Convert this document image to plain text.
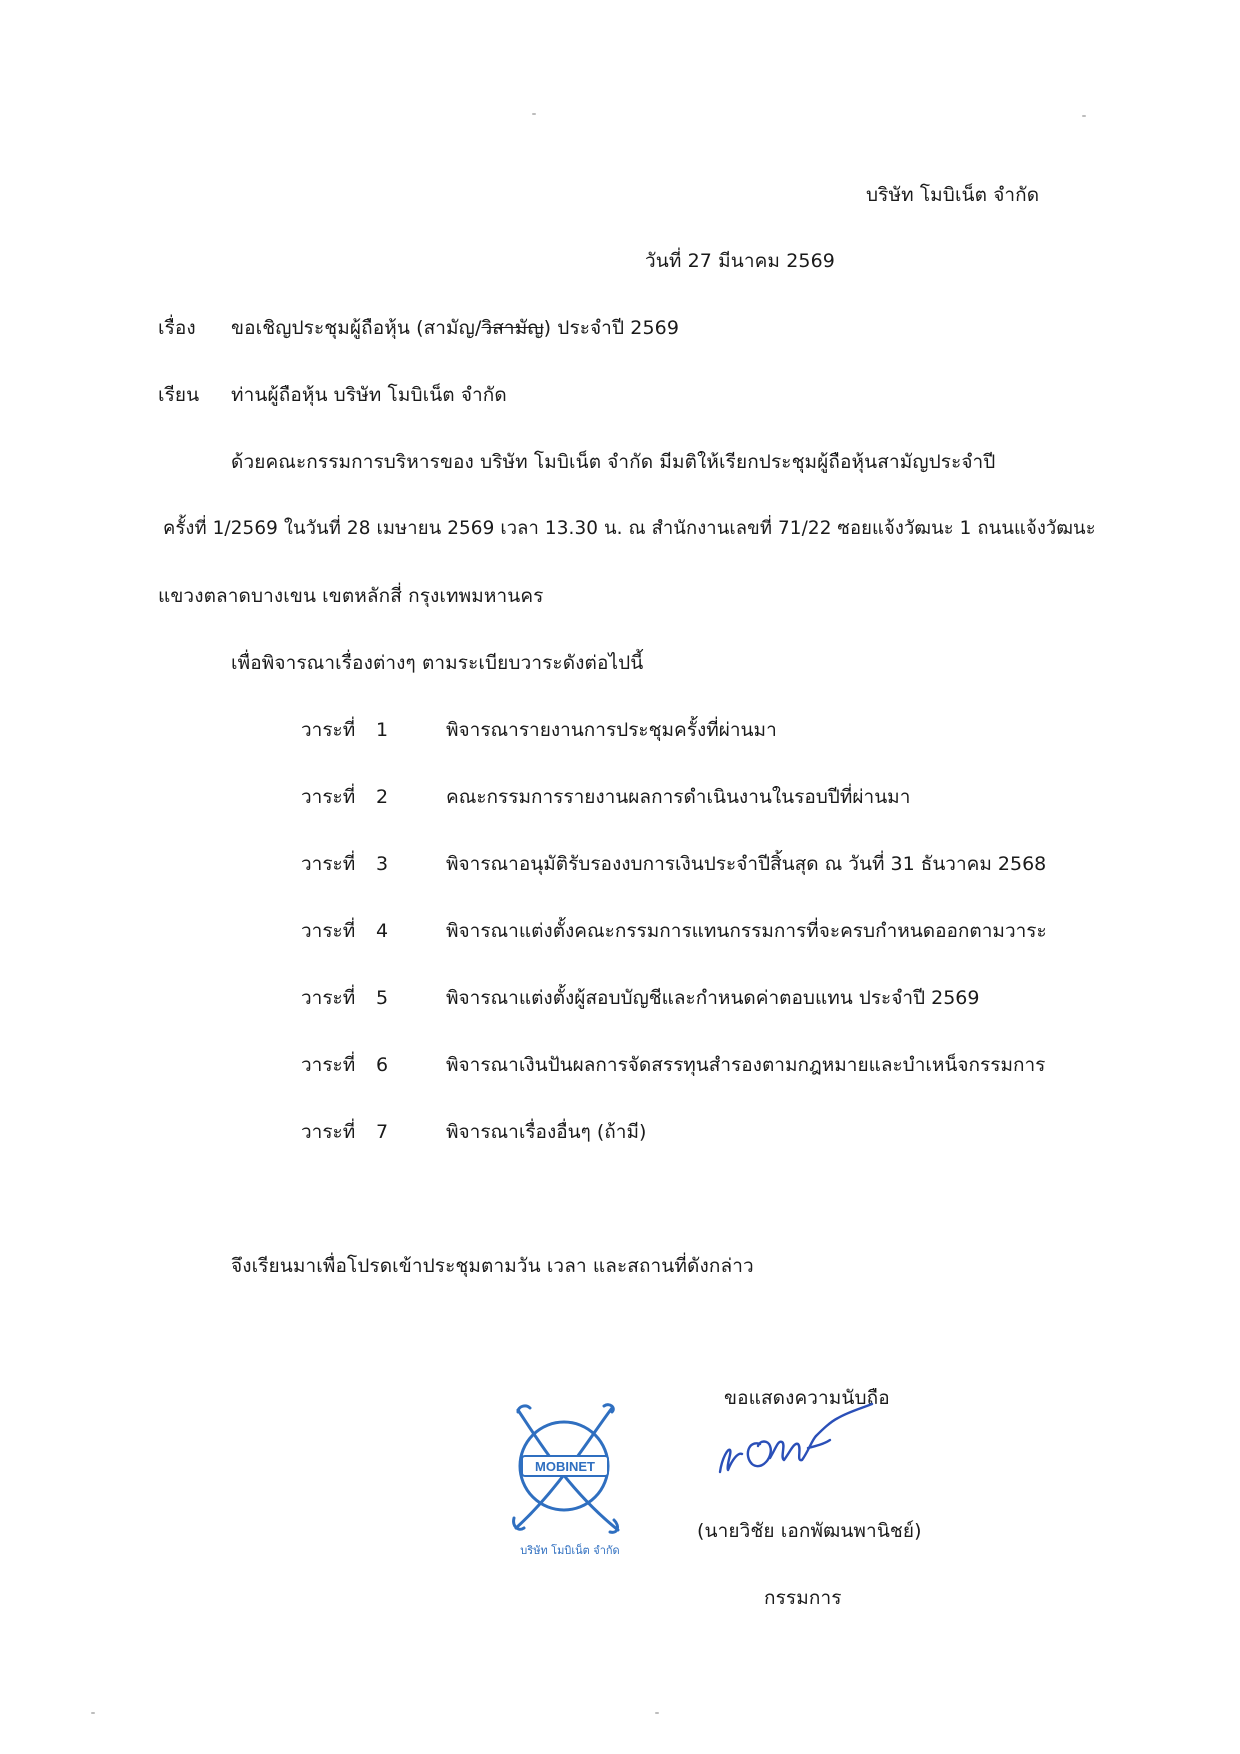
บริษัท โมบิเน็ต จำกัด
วันที่ 27 มีนาคม 2569
เรื่อง ขอเชิญประชุมผู้ถือหุ้น (สามัญ/วิสามัญ) ประจำปี 2569
เรียน ท่านผู้ถือหุ้น บริษัท โมบิเน็ต จำกัด
ด้วยคณะกรรมการบริหารของ บริษัท โมบิเน็ต จำกัด มีมติให้เรียกประชุมผู้ถือหุ้นสามัญประจำปี
ครั้งที่ 1/2569 ในวันที่ 28 เมษายน 2569 เวลา 13.30 น. ณ สำนักงานเลขที่ 71/22 ซอยแจ้งวัฒนะ 1 ถนนแจ้งวัฒนะ
แขวงตลาดบางเขน เขตหลักสี่ กรุงเทพมหานคร
เพื่อพิจารณาเรื่องต่างๆ ตามระเบียบวาระดังต่อไปนี้
วาระที่ 1	พิจารณารายงานการประชุมครั้งที่ผ่านมา
วาระที่ 2	คณะกรรมการรายงานผลการดำเนินงานในรอบปีที่ผ่านมา
วาระที่ 3	พิจารณาอนุมัติรับรองงบการเงินประจำปีสิ้นสุด ณ วันที่ 31 ธันวาคม 2568
วาระที่ 4	พิจารณาแต่งตั้งคณะกรรมการแทนกรรมการที่จะครบกำหนดออกตามวาระ
วาระที่ 5	พิจารณาแต่งตั้งผู้สอบบัญชีและกำหนดค่าตอบแทน ประจำปี 2569
วาระที่ 6	พิจารณาเงินปันผลการจัดสรรทุนสำรองตามกฎหมายและบำเหน็จกรรมการ
วาระที่ 7	พิจารณาเรื่องอื่นๆ (ถ้ามี)
จึงเรียนมาเพื่อโปรดเข้าประชุมตามวัน เวลา และสถานที่ดังกล่าว
ขอแสดงความนับถือ
MOBINET
บริษัท โมบิเน็ต จำกัด
(นายวิชัย เอกพัฒนพานิชย์)
กรรมการ
